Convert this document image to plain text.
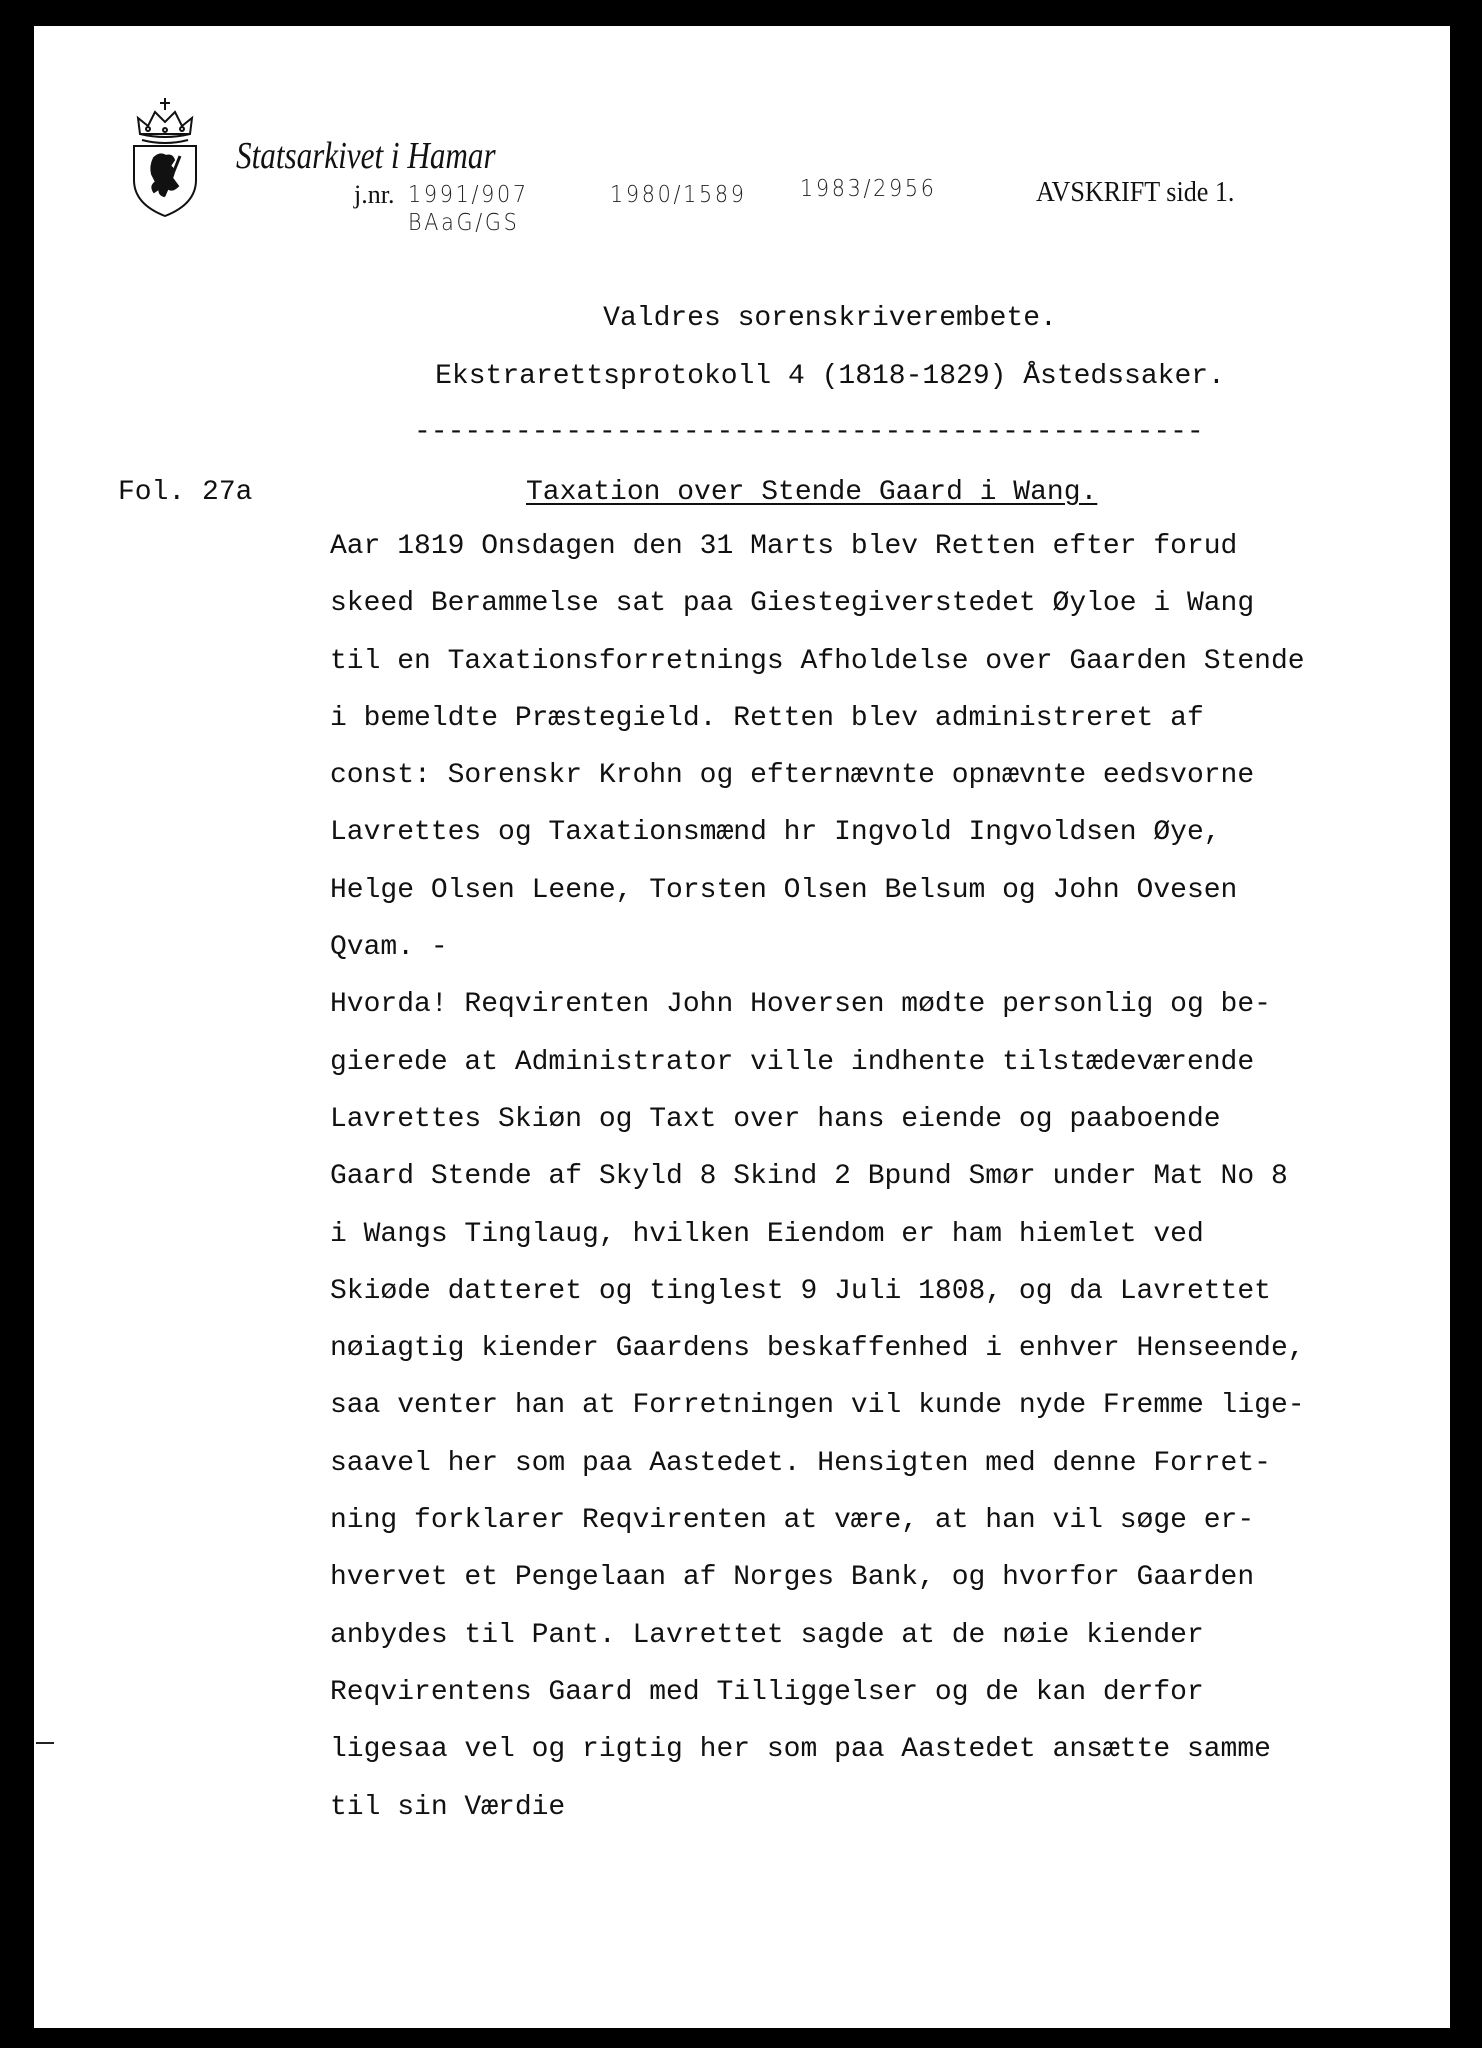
Statsarkivet i Hamar
j.nr. 1991/907
BAaG/GS
1980/1589 1983/2956	AVSKRIFT side 1.
Valdres sorenskriverembete.
Ekstrarettsprotokoll 4 (1818-1829) Åstedssaker.
-----------------------------------------------
Fol. 27a	Taxation over Stende Gaard i Wang.
Aar 1819 Onsdagen den 31 Marts blev Retten efter forud
skeed Berammelse sat paa Giestegiverstedet Øyloe i Wang
til en Taxationsforretnings Afholdelse over Gaarden Stende
i bemeldte Præstegield. Retten blev administreret af
const: Sorenskr Krohn og efternævnte opnævnte eedsvorne
Lavrettes og Taxationsmænd hr Ingvold Ingvoldsen Øye,
Helge Olsen Leene, Torsten Olsen Belsum og John Ovesen
Qvam. -
Hvorda! Reqvirenten John Hoversen mødte personlig og be-
gierede at Administrator ville indhente tilstædeværende
Lavrettes Skiøn og Taxt over hans eiende og paaboende
Gaard Stende af Skyld 8 Skind 2 Bpund Smør under Mat No 8
i Wangs Tinglaug, hvilken Eiendom er ham hiemlet ved
Skiøde datteret og tinglest 9 Juli 1808, og da Lavrettet
nøiagtig kiender Gaardens beskaffenhed i enhver Henseende,
saa venter han at Forretningen vil kunde nyde Fremme lige-
saavel her som paa Aastedet. Hensigten med denne Forret-
ning forklarer Reqvirenten at være, at han vil søge er-
hvervet et Pengelaan af Norges Bank, og hvorfor Gaarden
anbydes til Pant. Lavrettet sagde at de nøie kiender
Reqvirentens Gaard med Tilliggelser og de kan derfor
ligesaa vel og rigtig her som paa Aastedet ansætte samme
til sin Værdie
